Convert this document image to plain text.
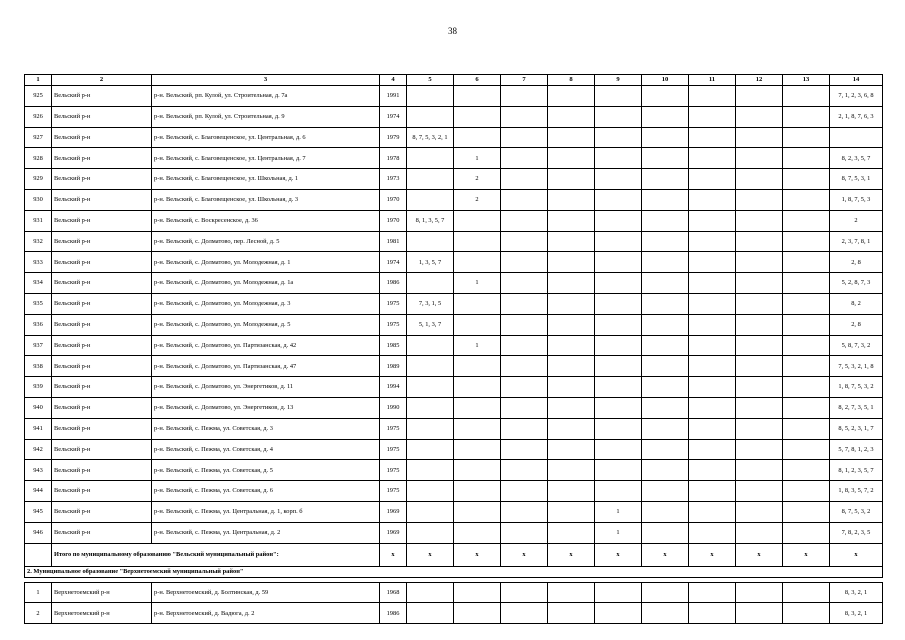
38
1	2	3	4	5	6	7	8	9	10	11	12	13	14
925	Вельский р-н	р-н. Вельский, рп. Кулой, ул. Строительная, д. 7а	1991										7, 1, 2, 3, 6, 8
926	Вельский р-н	р-н. Вельский, рп. Кулой, ул. Строительная, д. 9	1974										2, 1, 8, 7, 6, 3
927	Вельский р-н	р-н. Вельский, с. Благовещенское, ул. Центральная, д. 6	1979	8, 7, 5, 3, 2, 1									
928	Вельский р-н	р-н. Вельский, с. Благовещенское, ул. Центральная, д. 7	1978		1								8, 2, 3, 5, 7
929	Вельский р-н	р-н. Вельский, с. Благовещенское, ул. Школьная, д. 1	1973		2								8, 7, 5, 3, 1
930	Вельский р-н	р-н. Вельский, с. Благовещенское, ул. Школьная, д. 3	1970		2								1, 8, 7, 5, 3
931	Вельский р-н	р-н. Вельский, с. Воскресенское, д. 36	1970	8, 1, 3, 5, 7									2
932	Вельский р-н	р-н. Вельский, с. Долматово, пер. Лесной, д. 5	1981										2, 3, 7, 8, 1
933	Вельский р-н	р-н. Вельский, с. Долматово, ул. Молодежная, д. 1	1974	1, 3, 5, 7									2, 8
934	Вельский р-н	р-н. Вельский, с. Долматово, ул. Молодежная, д. 1а	1986		1								5, 2, 8, 7, 3
935	Вельский р-н	р-н. Вельский, с. Долматово, ул. Молодежная, д. 3	1975	7, 3, 1, 5									8, 2
936	Вельский р-н	р-н. Вельский, с. Долматово, ул. Молодежная, д. 5	1975	5, 1, 3, 7									2, 8
937	Вельский р-н	р-н. Вельский, с. Долматово, ул. Партизанская, д. 42	1985		1								5, 8, 7, 3, 2
938	Вельский р-н	р-н. Вельский, с. Долматово, ул. Партизанская, д. 47	1989										7, 5, 3, 2, 1, 8
939	Вельский р-н	р-н. Вельский, с. Долматово, ул. Энергетиков, д. 11	1994										1, 8, 7, 5, 3, 2
940	Вельский р-н	р-н. Вельский, с. Долматово, ул. Энергетиков, д. 13	1990										8, 2, 7, 3, 5, 1
941	Вельский р-н	р-н. Вельский, с. Пежма, ул. Советская, д. 3	1975										8, 5, 2, 3, 1, 7
942	Вельский р-н	р-н. Вельский, с. Пежма, ул. Советская, д. 4	1975										5, 7, 8, 1, 2, 3
943	Вельский р-н	р-н. Вельский, с. Пежма, ул. Советская, д. 5	1975										8, 1, 2, 3, 5, 7
944	Вельский р-н	р-н. Вельский, с. Пежма, ул. Советская, д. 6	1975										1, 8, 3, 5, 7, 2
945	Вельский р-н	р-н. Вельский, с. Пежма, ул. Центральная, д. 1, корп. б	1969					1					8, 7, 5, 3, 2
946	Вельский р-н	р-н. Вельский, с. Пежма, ул. Центральная, д. 2	1969					1					7, 8, 2, 3, 5
	Итого по муниципальному образованию "Вельский муниципальный район":		x	x	x	x	x	x	x	x	x	x	x
2. Муниципальное образование "Верхнетоемский муниципальный район"													

1	Верхнетоемский р-н	р-н. Верхнетоемский, д. Болтинская, д. 59	1968										8, 3, 2, 1
2	Верхнетоемский р-н	р-н. Верхнетоемский, д. Вадюга, д. 2	1986										8, 3, 2, 1
